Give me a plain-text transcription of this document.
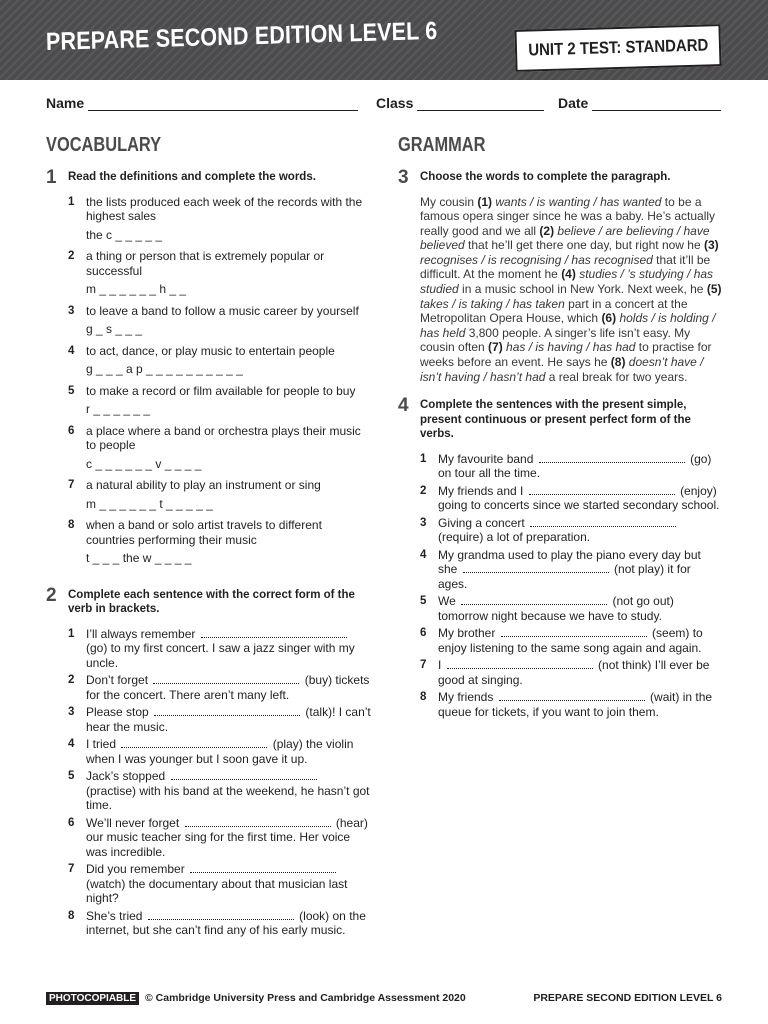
PREPARE SECOND EDITION LEVEL 6	UNIT 2 TEST: STANDARD
Name	Class	Date
VOCABULARY	GRAMMAR
1 Read the definitions and complete the words.
1 the lists produced each week of the records with the highest sales
the c _ _ _ _ _
2 a thing or person that is extremely popular or successful
m _ _ _ _ _ _ h _ _
3 to leave a band to follow a music career by yourself
g _ s _ _ _
4 to act, dance, or play music to entertain people
g _ _ _ a p _ _ _ _ _ _ _ _ _ _
5 to make a record or film available for people to buy
r _ _ _ _ _ _
6 a place where a band or orchestra plays their music to people
c _ _ _ _ _ _ v _ _ _ _
7 a natural ability to play an instrument or sing
m _ _ _ _ _ _ t _ _ _ _ _
8 when a band or solo artist travels to different countries performing their music
t _ _ _ the w _ _ _ _
2 Complete each sentence with the correct form of the verb in brackets.
1 I’ll always remember  (go) to my first concert. I saw a jazz singer with my uncle.
2 Don’t forget	(buy) tickets for the concert. There aren’t many left.
3 Please stop	(talk)! I can’t hear the music.
4 I tried	(play) the violin when I was younger but I soon gave it up.
5 Jack’s stopped  (practise) with his band at the weekend, he hasn’t got time.
6 We’ll never forget	(hear) our music teacher sing for the first time. Her voice was incredible.
7 Did you remember  (watch) the documentary about that musician last night?
8 She’s tried	(look) on the internet, but she can’t find any of his early music.
3 Choose the words to complete the paragraph.

My cousin (1) wants / is wanting / has wanted to be a famous opera singer since he was a baby. He’s actually really good and we all (2) believe / are believing / have believed that he’ll get there one day, but right now he (3) recognises / is recognising / has recognised that it’ll be difficult. At the moment he (4) studies / ’s studying / has studied in a music school in New York. Next week, he (5) takes / is taking / has taken part in a concert at the Metropolitan Opera House, which (6) holds / is holding / has held 3,800 people. A singer’s life isn’t easy. My cousin often (7) has / is having / has had to practise for weeks before an event. He says he (8) doesn’t have / isn’t having / hasn’t had a real break for two years.

4 Complete the sentences with the present simple, present continuous or present perfect form of the verbs.
1 My favourite band	(go) on tour all the time.
2 My friends and I	(enjoy) going to concerts since we started secondary school.
3 Giving a concert  (require) a lot of preparation.
4 My grandma used to play the piano every day but she	(not play) it for ages.
5 We	(not go out) tomorrow night because we have to study.
6 My brother	(seem) to enjoy listening to the same song again and again.
7 I	(not think) I’ll ever be good at singing.
8 My friends	(wait) in the queue for tickets, if you want to join them.
PHOTOCOPIABLE © Cambridge University Press and Cambridge Assessment 2020	PREPARE SECOND EDITION LEVEL 6
